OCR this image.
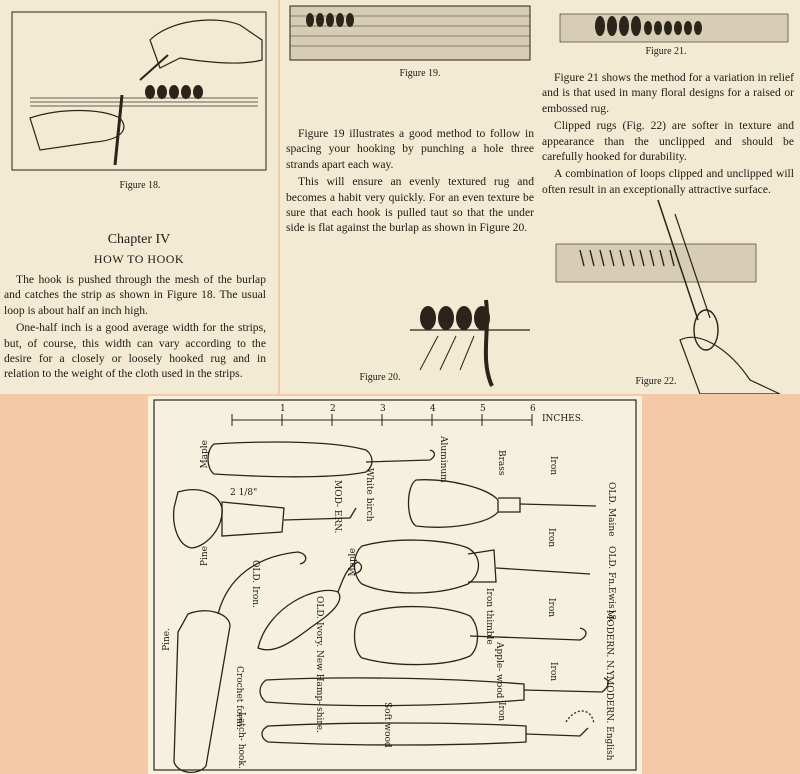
Figure 18.
Chapter IV
HOW TO HOOK

The hook is pushed through the mesh of the burlap and catches the strip as shown in Figure 18. The usual loop is about half an inch high.

One-half inch is a good average width for the strips, but, of course, this width can vary according to the desire for a closely or loosely hooked rug and in relation to the weight of the cloth used in the strips.

Figure 19.
Figure 21.

Figure 19 illustrates a good method to follow in spacing your hooking by punching a hole three strands apart each way.

This will ensure an evenly textured rug and becomes a habit very quickly. For an even texture be sure that each hook is pulled taut so that the under side is flat against the burlap as shown in Figure 20.

Figure 21 shows the method for a variation in relief and is that used in many floral designs for a raised or embossed rug.

Clipped rugs (Fig. 22) are softer in texture and appearance than the unclipped and should be carefully hooked for durability.

A combination of loops clipped and unclipped will often result in an exceptionally attractive surface.

Figure 20.	Figure 22.
1	2	3	4	5	6
INCHES.
Maple	Aluminum	Brass	Iron
OLD. Maine
MOD- ERN. White birch
2 1/8"
Pine	Maple
Iron thimble
Iron
OLD. Fn.Ewis18.
OLD. Iron.
OLD. Ivory. New Hamp- shire.	Iron
MODERN. N.Y.
Pine.
Apple- wood
Crochet form.	Iron
Soft wood	Iron	MODERN. English
Latch- hook.
